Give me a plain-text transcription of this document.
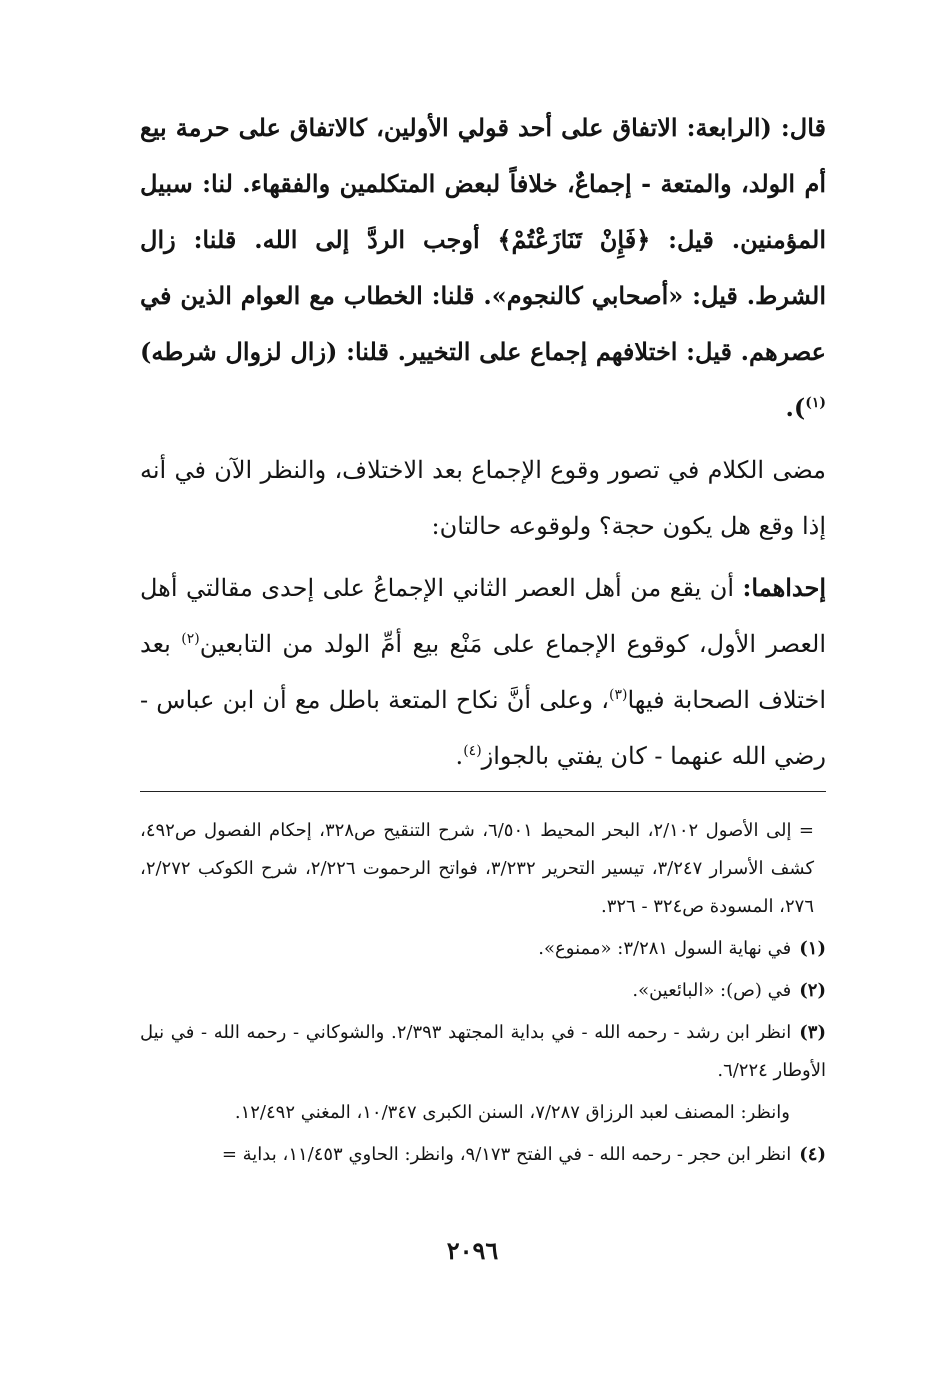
قال: (الرابعة: الاتفاق على أحد قولي الأولين، كالاتفاق على حرمة بيع أم الولد، والمتعة - إجماعٌ، خلافاً لبعض المتكلمين والفقهاء. لنا: سبيل المؤمنين. قيل: ﴿فَإِنْ تَنَازَعْتُمْ﴾ أوجب الردَّ إلى الله. قلنا: زال الشرط. قيل: «أصحابي كالنجوم». قلنا: الخطاب مع العوام الذين في عصرهم. قيل: اختلافهم إجماع على التخيير. قلنا: (زال لزوال شرطه)$^{(١)}$).

مضى الكلام في تصور وقوع الإجماع بعد الاختلاف، والنظر الآن في أنه إذا وقع هل يكون حجة؟ ولوقوعه حالتان:

إحداهما: أن يقع من أهل العصر الثاني الإجماعُ على إحدى مقالتي أهل العصر الأول، كوقوع الإجماع على مَنْع بيع أمِّ الولد من التابعين$^{(٢)}$ بعد اختلاف الصحابة فيها$^{(٣)}$، وعلى أنَّ نكاح المتعة باطل مع أن ابن عباس - رضي الله عنهما - كان يفتي بالجواز$^{(٤)}$.

= إلى الأصول ٢/١٠٢، البحر المحيط ٦/٥٠١، شرح التنقيح ص٣٢٨، إحكام الفصول ص٤٩٢، كشف الأسرار ٣/٢٤٧، تيسير التحرير ٣/٢٣٢، فواتح الرحموت ٢/٢٢٦، شرح الكوكب ٢/٢٧٢، ٢٧٦، المسودة ص٣٢٤ - ٣٢٦.

(١)في نهاية السول ٣/٢٨١: «ممنوع».

(٢)في (ص): «البائعين».

(٣)انظر ابن رشد - رحمه الله - في بداية المجتهد ٢/٣٩٣. والشوكاني - رحمه الله - في نيل الأوطار ٦/٢٢٤.

وانظر: المصنف لعبد الرزاق ٧/٢٨٧، السنن الكبرى ١٠/٣٤٧، المغني ١٢/٤٩٢.

(٤)انظر ابن حجر - رحمه الله - في الفتح ٩/١٧٣، وانظر: الحاوي ١١/٤٥٣، بداية =

٢٠٩٦
